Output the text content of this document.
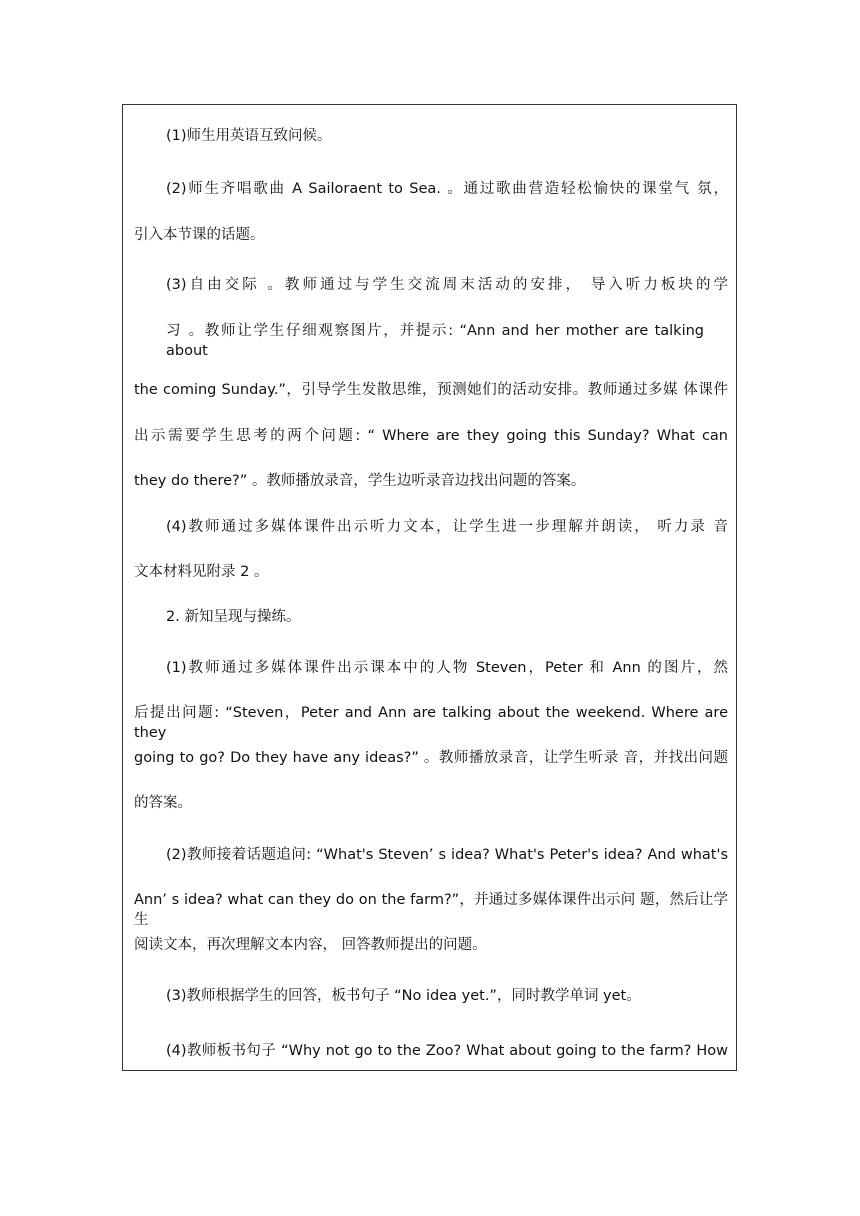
(1)师生用英语互致问候。
(2)师生齐唱歌曲 A Sailoraent to Sea. 。通过歌曲营造轻松愉快的课堂气 氛，
引入本节课的话题。
(3)自由交际 。教师通过与学生交流周末活动的安排， 导入听力板块的学
习 。教师让学生仔细观察图片，并提示: “Ann and her mother are talking about
the coming Sunday.”，引导学生发散思维，预测她们的活动安排。教师通过多媒 体课件
出示需要学生思考的两个问题: “ Where are they going this Sunday? What can
they do there?” 。教师播放录音，学生边听录音边找出问题的答案。
(4)教师通过多媒体课件出示听力文本，让学生进一步理解并朗读， 听力录 音
文本材料见附录 2 。
2. 新知呈现与操练。
(1)教师通过多媒体课件出示课本中的人物 Steven，Peter 和 Ann 的图片，然
后提出问题: “Steven，Peter and Ann are talking about the weekend. Where are they
going to go? Do they have any ideas?” 。教师播放录音，让学生听录 音，并找出问题
的答案。
(2)教师接着话题追问: “What's Steven’ s idea? What's Peter's idea? And what's
Ann’ s idea? what can they do on the farm?”，并通过多媒体课件出示问 题，然后让学生
阅读文本，再次理解文本内容， 回答教师提出的问题。
(3)教师根据学生的回答，板书句子 “No idea yet.”，同时教学单词 yet。
(4)教师板书句子 “Why not go to the Zoo? What about going to the farm? How
